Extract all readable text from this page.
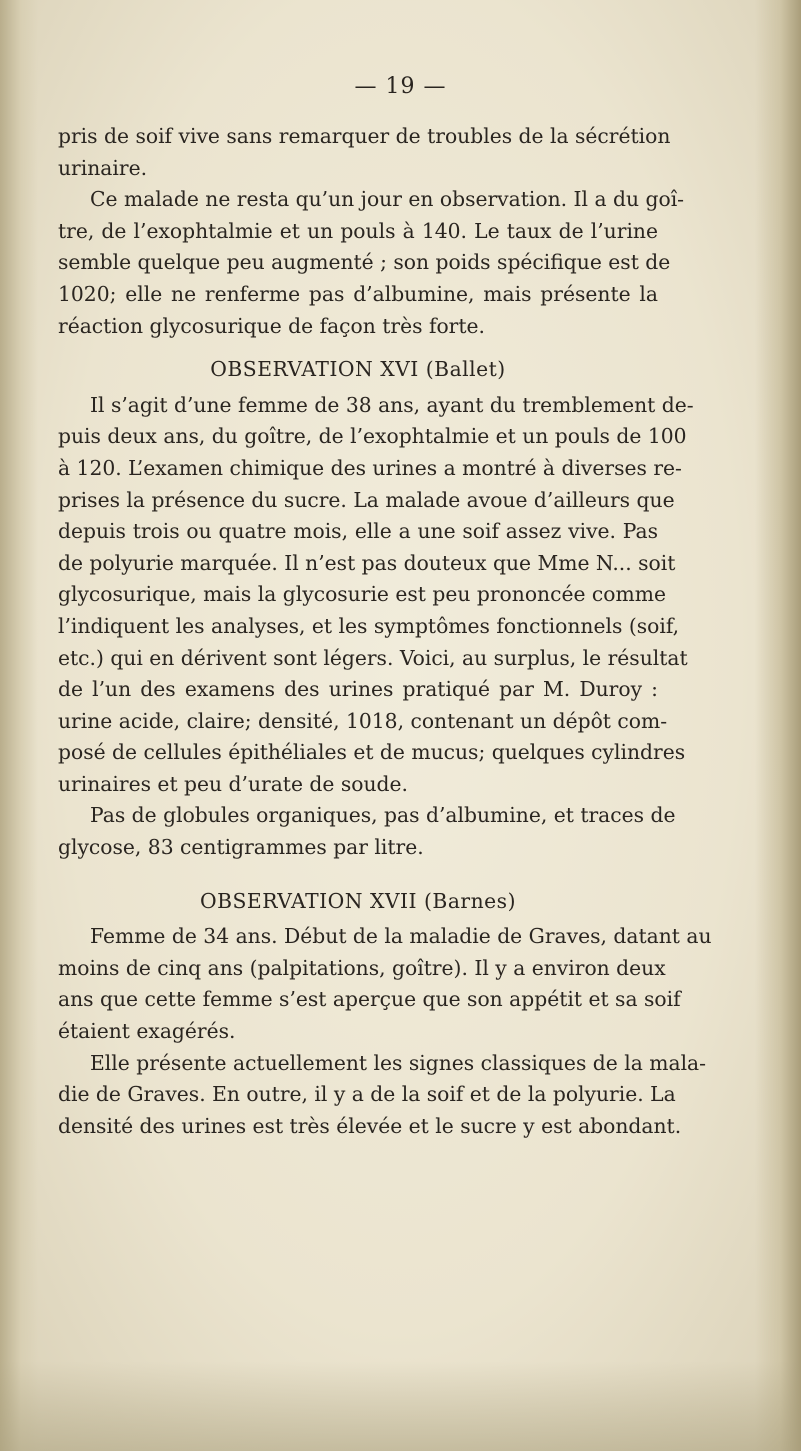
— 19 —
pris de soif vive sans remarquer de troubles de la sécrétion
urinaire.
Ce malade ne resta qu’un jour en observation. Il a du goî-
tre, de l’exophtalmie et un pouls à 140. Le taux de l’urine
semble quelque peu augmenté ; son poids spécifique est de
1020; elle ne renferme pas d’albumine, mais présente la
réaction glycosurique de façon très forte.
OBSERVATION XVI (Ballet)
Il s’agit d’une femme de 38 ans, ayant du tremblement de-
puis deux ans, du goître, de l’exophtalmie et un pouls de 100
à 120. L’examen chimique des urines a montré à diverses re-
prises la présence du sucre. La malade avoue d’ailleurs que
depuis trois ou quatre mois, elle a une soif assez vive. Pas
de polyurie marquée. Il n’est pas douteux que Mme N... soit
glycosurique, mais la glycosurie est peu prononcée comme
l’indiquent les analyses, et les symptômes fonctionnels (soif,
etc.) qui en dérivent sont légers. Voici, au surplus, le résultat
de l’un des examens des urines pratiqué par M. Duroy :
urine acide, claire; densité, 1018, contenant un dépôt com-
posé de cellules épithéliales et de mucus; quelques cylindres
urinaires et peu d’urate de soude.
Pas de globules organiques, pas d’albumine, et traces de
glycose, 83 centigrammes par litre.
OBSERVATION XVII (Barnes)
Femme de 34 ans. Début de la maladie de Graves, datant au
moins de cinq ans (palpitations, goître). Il y a environ deux
ans que cette femme s’est aperçue que son appétit et sa soif
étaient exagérés.
Elle présente actuellement les signes classiques de la mala-
die de Graves. En outre, il y a de la soif et de la polyurie. La
densité des urines est très élevée et le sucre y est abondant.
